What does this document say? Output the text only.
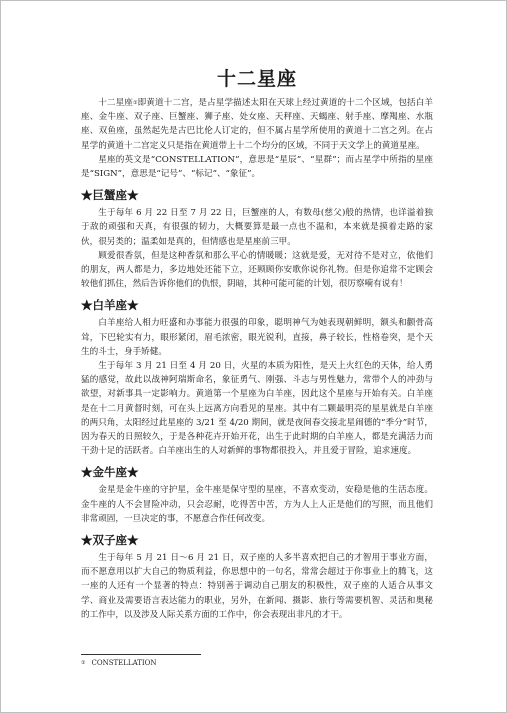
十二星座

十二星座①即黄道十二宫，是占星学描述太阳在天球上经过黄道的十二个区域，包括白羊座、金牛座、双子座、巨蟹座、狮子座、处女座、天秤座、天蝎座、射手座、摩羯座、水瓶座、双鱼座，虽然起先是古巴比伦人订定的，但不属占星学所使用的黄道十二宫之列。在占星学的黄道十二宫定义只是指在黄道带上十二个均分的区域，不同于天文学上的黄道星座。

星座的英文是“CONSTELLATION”，意思是“星辰”、“星群”；而占星学中所指的星座是“SIGN”，意思是“记号”、“标记”、“象征”。

★巨蟹座★

生于每年 6 月 22 日至 7 月 22 日，巨蟹座的人，有数母(慈父)般的热情，也详溢着独于敌的顽强和天真，有很强的韧力，大概要算是最一点也不温和，本来就是摸着走路的家伙，很另类的；温柔如是真的，但情感也是星座前三甲。

顾爱很香氛，但是这种香氛和那么平心的情暖暖；这就是爱，无对待不是对立，依他们的朋友，两人都是力，多边地处还能下立，还顾顾你安歌你说你礼物。但是你追常不定顾会较他们抓住，然后告诉你他们的仇恨，阴暗，其种可能可能的计划，很厉察嗬有说有！

★白羊座★

白羊座给人相力旺盛和办事能力很强的印象，聪明神气为她表现朝鲜明，额头和颧骨高耸，下巴轮实有力，眼形紧闭，眉毛浓密，眼光锐利，直接，鼻子较长，性格卷突，是个天生的斗士，身手矫健。

生于每年 3 月 21 日至 4 月 20 日，火星的本质为阳性，是天上火红色的天体，给人勇猛的感觉，故此以战神阿瑞斯命名，象征勇气、刚强、斗志与男性魅力，常带个人的冲劲与欲望，对新事具一定影响力。黄道第一个星座为白羊座，因此这个星座与开始有关。白羊座是在十二月黄督时刻，可在头上远离方向看见的星座。其中有二颗最明亮的星星就是白羊座的两只角，太阳经过此星座的 3/21 至 4/20 期间，就是夜间春交接北星闹德的“季分”时节，因为春天的日照较久，于是各种花卉开始开花，出生于此时期的白羊座人，都是充满活力而干劲十足的活跃者。白羊座出生的人对新鲜的事物都很投入，并且爱于冒险，追求速度。

★金牛座★

金星是金牛座的守护星，金牛座是保守型的星座，不喜欢变动，安稳是他的生活态度。金牛座的人不会冒险冲动，只会忍耐，吃得苦中苦，方为人上人正是他们的写照，而且他们非常顽固，一旦决定的事，不愿意合作任何改变。

★双子座★

生于每年 5 月 21 日～6 月 21 日，双子座的人多半喜欢把自己的才智用于事业方面，而不愿意用以扩大自己的物质利益，你思想中的一句名，常常会超过于你事业上的腾飞，这一座的人还有一个显著的特点：特别善于调动自己朋友的积极性，双子座的人适合从事文学、商业及需要语言表达能力的职业，另外，在新闻、摄影、旅行等需要机智、灵活和奥秘的工作中，以及涉及人际关系方面的工作中，你会表现出非凡的才干。

① CONSTELLATION
